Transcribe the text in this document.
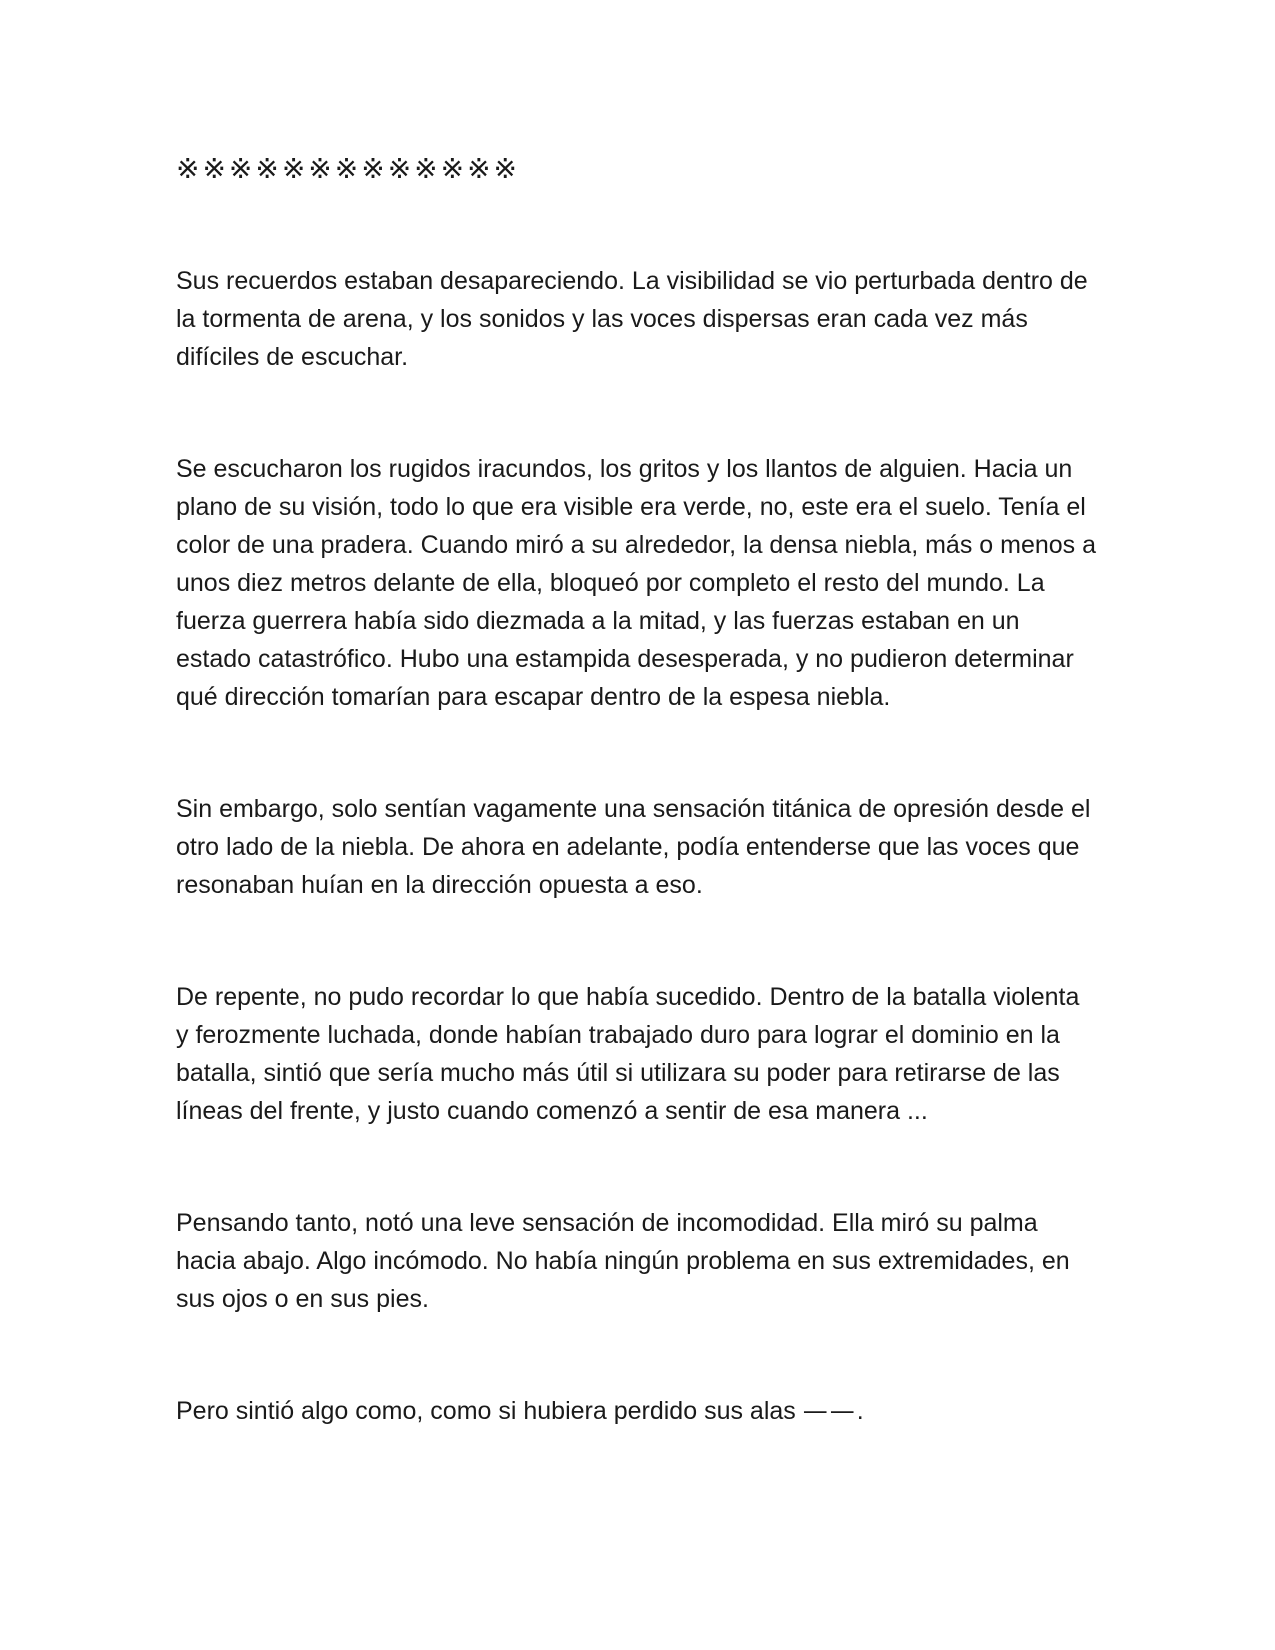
※※※※※※※※※※※※※

Sus recuerdos estaban desapareciendo. La visibilidad se vio perturbada dentro de la tormenta de arena, y los sonidos y las voces dispersas eran cada vez más difíciles de escuchar.

Se escucharon los rugidos iracundos, los gritos y los llantos de alguien. Hacia un plano de su visión, todo lo que era visible era verde, no, este era el suelo. Tenía el color de una pradera. Cuando miró a su alrededor, la densa niebla, más o menos a unos diez metros delante de ella, bloqueó por completo el resto del mundo. La fuerza guerrera había sido diezmada a la mitad, y las fuerzas estaban en un estado catastrófico. Hubo una estampida desesperada, y no pudieron determinar qué dirección tomarían para escapar dentro de la espesa niebla.

Sin embargo, solo sentían vagamente una sensación titánica de opresión desde el otro lado de la niebla. De ahora en adelante, podía entenderse que las voces que resonaban huían en la dirección opuesta a eso.

De repente, no pudo recordar lo que había sucedido. Dentro de la batalla violenta y ferozmente luchada, donde habían trabajado duro para lograr el dominio en la batalla, sintió que sería mucho más útil si utilizara su poder para retirarse de las líneas del frente, y justo cuando comenzó a sentir de esa manera ...

Pensando tanto, notó una leve sensación de incomodidad. Ella miró su palma hacia abajo. Algo incómodo. No había ningún problema en sus extremidades, en sus ojos o en sus pies.

Pero sintió algo como, como si hubiera perdido sus alas ——.
